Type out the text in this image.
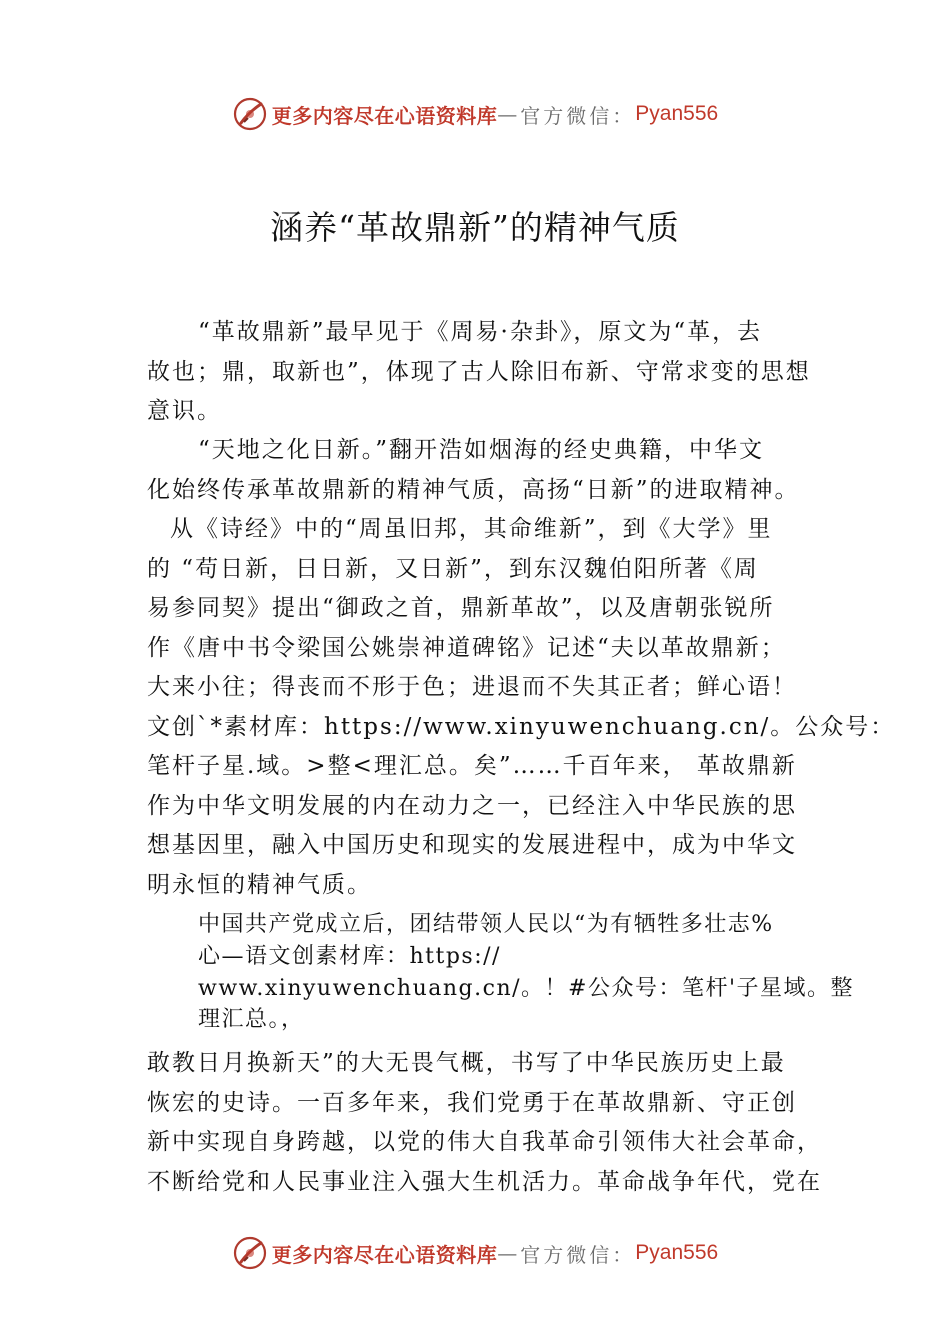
更多内容尽在心语资料库 — 官方微信： Pyan556
涵养“革故鼎新”的精神气质
“革故鼎新”最早见于《周易·杂卦》，原文为“革，去
故也；鼎，取新也”，体现了古人除旧布新、守常求变的思想
意识。
“天地之化日新。”翻开浩如烟海的经史典籍，中华文
化始终传承革故鼎新的精神气质，高扬“日新”的进取精神。
从《诗经》中的“周虽旧邦，其命维新”，到《大学》里
的 “苟日新，日日新，又日新”，到东汉魏伯阳所著《周
易参同契》提出“御政之首，鼎新革故”，以及唐朝张锐所
作《唐中书令梁国公姚崇神道碑铭》记述“夫以革故鼎新；
大来小往；得丧而不形于色；进退而不失其正者；鲜心语！
文创`*素材库：https://www.xinyuwenchuang.cn/。公众号：
笔杆子星.域。>整<理汇总。矣”……千百年来， 革故鼎新
作为中华文明发展的内在动力之一，已经注入中华民族的思
想基因里，融入中国历史和现实的发展进程中，成为中华文
明永恒的精神气质。
中国共产党成立后，团结带领人民以“为有牺牲多壮志%
心—语文创素材库：https://
www.xinyuwenchuang.cn/。！#公众号：笔杆'子星域。整
理汇总。，
敢教日月换新天”的大无畏气概，书写了中华民族历史上最
恢宏的史诗。一百多年来，我们党勇于在革故鼎新、守正创
新中实现自身跨越，以党的伟大自我革命引领伟大社会革命，
不断给党和人民事业注入强大生机活力。革命战争年代，党在
更多内容尽在心语资料库 — 官方微信： Pyan556
